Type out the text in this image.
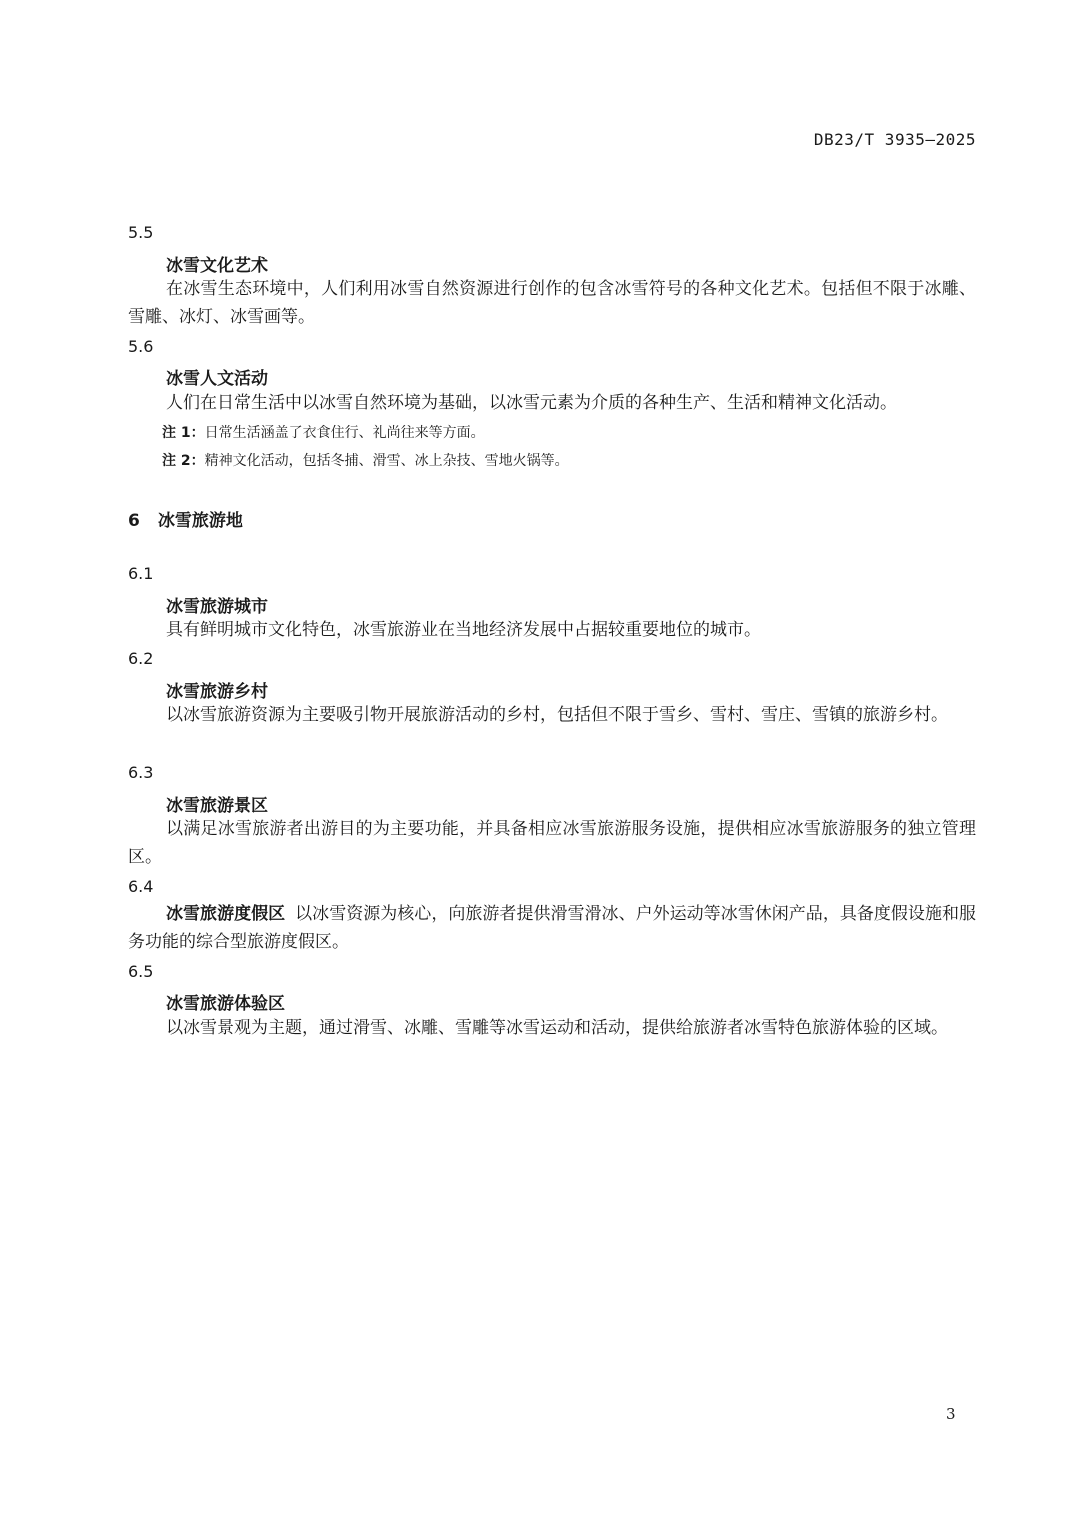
DB23/T 3935—2025
5.5
冰雪文化艺术

在冰雪生态环境中，人们利用冰雪自然资源进行创作的包含冰雪符号的各种文化艺术。包括但不限于冰雕、雪雕、冰灯、冰雪画等。

5.6
冰雪人文活动

人们在日常生活中以冰雪自然环境为基础，以冰雪元素为介质的各种生产、生活和精神文化活动。

注 1：日常生活涵盖了衣食住行、礼尚往来等方面。
注 2：精神文化活动，包括冬捕、滑雪、冰上杂技、雪地火锅等。
6 冰雪旅游地
6.1
冰雪旅游城市

具有鲜明城市文化特色，冰雪旅游业在当地经济发展中占据较重要地位的城市。

6.2
冰雪旅游乡村

以冰雪旅游资源为主要吸引物开展旅游活动的乡村，包括但不限于雪乡、雪村、雪庄、雪镇的旅游乡村。

6.3
冰雪旅游景区

以满足冰雪旅游者出游目的为主要功能，并具备相应冰雪旅游服务设施，提供相应冰雪旅游服务的独立管理区。

6.4

冰雪旅游度假区 以冰雪资源为核心，向旅游者提供滑雪滑冰、户外运动等冰雪休闲产品，具备度假设施和服务功能的综合型旅游度假区。

6.5
冰雪旅游体验区

以冰雪景观为主题，通过滑雪、冰雕、雪雕等冰雪运动和活动，提供给旅游者冰雪特色旅游体验的区域。

3
